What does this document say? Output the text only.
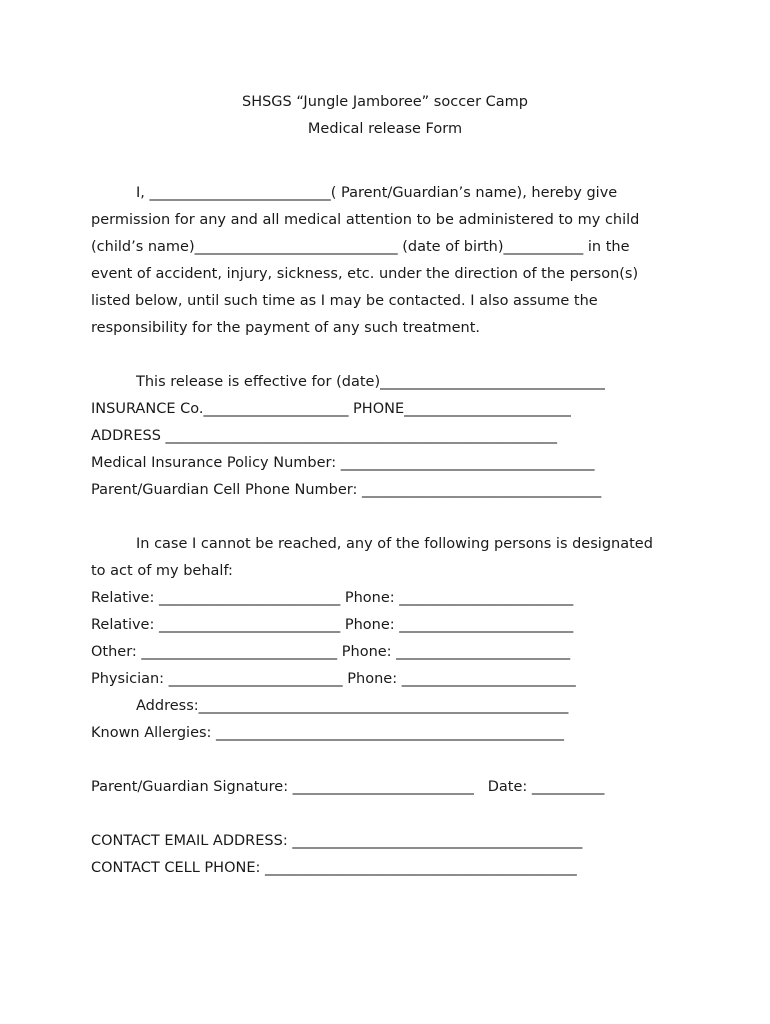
SHSGS “Jungle Jamboree” soccer Camp
Medical release Form
I, _________________________( Parent/Guardian’s name), hereby give
permission for any and all medical attention to be administered to my child
(child’s name)____________________________ (date of birth)___________ in the
event of accident, injury, sickness, etc. under the direction of the person(s)
listed below, until such time as I may be contacted. I also assume the
responsibility for the payment of any such treatment.
This release is effective for (date)_______________________________
INSURANCE Co.____________________ PHONE_______________________
ADDRESS ______________________________________________________
Medical Insurance Policy Number: ___________________________________
Parent/Guardian Cell Phone Number: _________________________________
In case I cannot be reached, any of the following persons is designated
to act of my behalf:
Relative: _________________________ Phone: ________________________
Relative: _________________________ Phone: ________________________
Other: ___________________________ Phone: ________________________
Physician: ________________________ Phone: ________________________
Address:___________________________________________________
Known Allergies: ________________________________________________
Parent/Guardian Signature: _________________________   Date: __________
CONTACT EMAIL ADDRESS: ________________________________________
CONTACT CELL PHONE: ___________________________________________
